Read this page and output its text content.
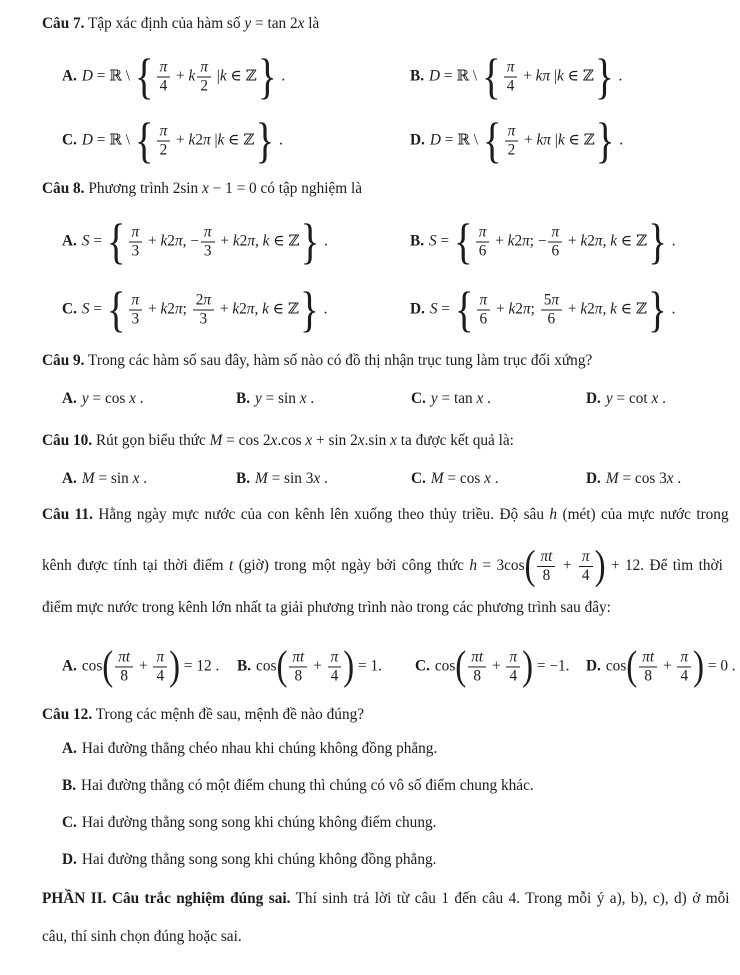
Câu 7. Tập xác định của hàm số y = tan 2x là
A. D = ℝ \ { $\frac{\pi}{4} + k \frac{\pi}{2} |k$ ∈ ℤ} .	B. D = ℝ \ { $\frac{\pi}{4} + k\pi$ |k ∈ ℤ} .
C. D = ℝ \ { $\frac{\pi}{2} + k2\pi$ |k ∈ ℤ} .	D. D = ℝ \ { $\frac{\pi}{2} + k\pi$ |k ∈ ℤ} .
Câu 8. Phương trình 2sin x − 1 = 0 có tập nghiệm là
A. S = { $\frac{\pi}{3} + k2\pi$, − $\frac{\pi}{3} + k2\pi$, k ∈ ℤ} .	B. S = { $\frac{\pi}{6} + k2\pi$; − $\frac{\pi}{6} + k2\pi$, k ∈ ℤ} .
C. S = { $\frac{\pi}{3} + k2\pi$; $\frac{2\pi}{3} + k2\pi$, k ∈ ℤ} .	D. S = { $\frac{\pi}{6} + k2\pi$; $\frac{5\pi}{6} + k2\pi$, k ∈ ℤ} .
Câu 9. Trong các hàm số sau đây, hàm số nào có đồ thị nhận trục tung làm trục đối xứng?
A. y = cos x .	B. y = sin x .	C. y = tan x .	D. y = cot x .
Câu 10. Rút gọn biểu thức M = cos 2x.cos x + sin 2x.sin x ta được kết quả là:
A. M = sin x .	B. M = sin 3x .	C. M = cos x .	D. M = cos 3x .
Câu 11. Hằng ngày mực nước của con kênh lên xuống theo thủy triều. Độ sâu h (mét) của mực nước trong
kênh được tính tại thời điểm t (giờ) trong một ngày bởi công thức $h = 3\cos( \frac{\pi t}{8} + \frac{\pi}{4}$ ) + 12. Để tìm thời
điểm mực nước trong kênh lớn nhất ta giải phương trình nào trong các phương trình sau đây:
A. $\cos( \frac{\pi t}{8} + \frac{\pi}{4}$ ) = 12 . B. $\cos( \frac{\pi t}{8} + \frac{\pi}{4}$ ) = 1. C. $\cos( \frac{\pi t}{8} + \frac{\pi}{4}$ ) = −1. D. $\cos( \frac{\pi t}{8} + \frac{\pi}{4}$ ) = 0 .
Câu 12. Trong các mệnh đề sau, mệnh đề nào đúng?
A. Hai đường thẳng chéo nhau khi chúng không đồng phẳng.
B. Hai đường thẳng có một điểm chung thì chúng có vô số điểm chung khác.
C. Hai đường thẳng song song khi chúng không điểm chung.
D. Hai đường thẳng song song khi chúng không đồng phẳng.
PHẦN II. Câu trắc nghiệm đúng sai. Thí sinh trả lời từ câu 1 đến câu 4. Trong mỗi ý a), b), c), d) ở mỗi
câu, thí sinh chọn đúng hoặc sai.
